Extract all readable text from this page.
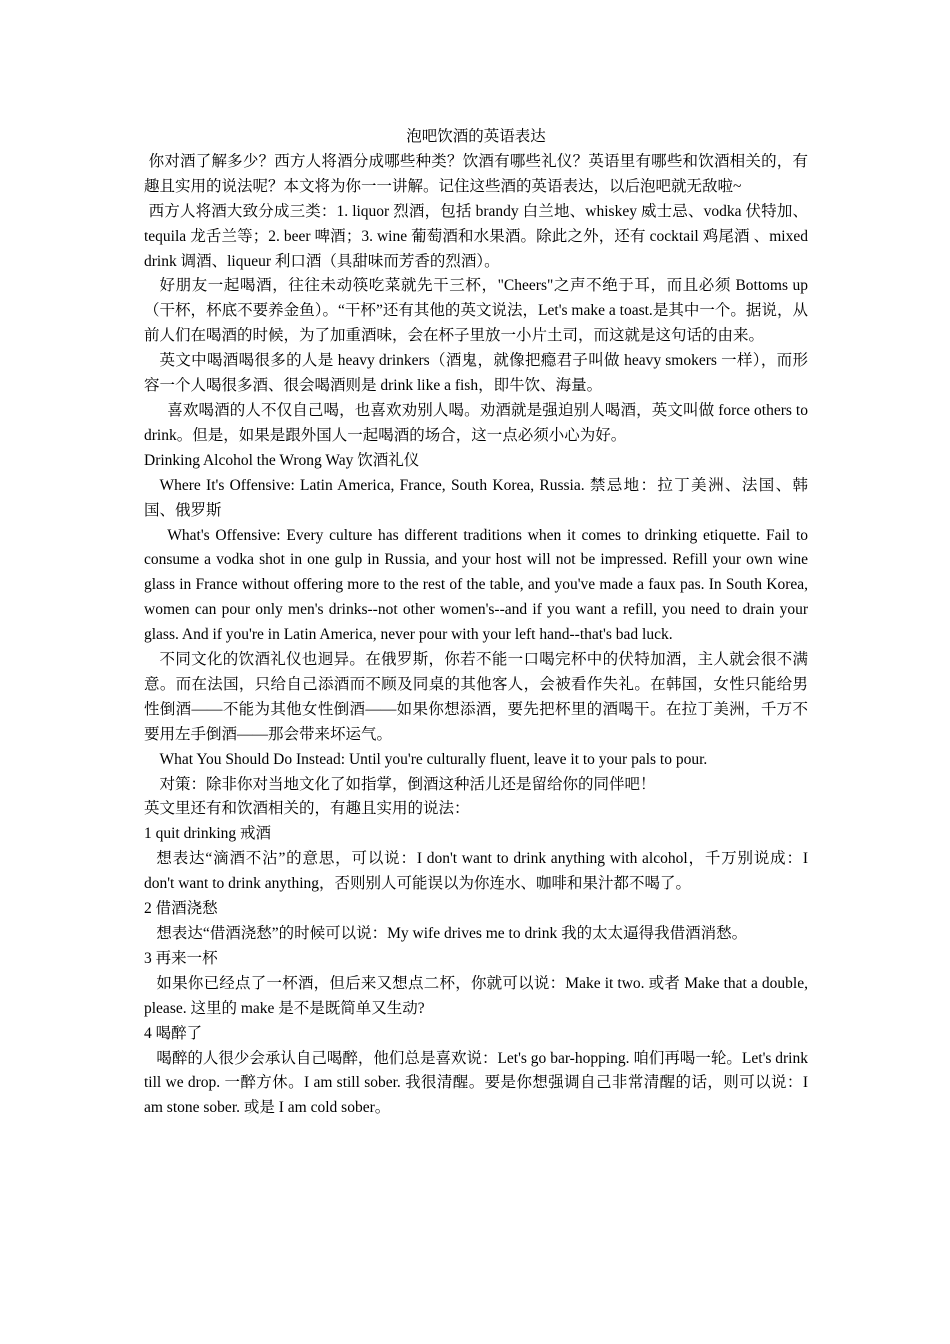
泡吧饮酒的英语表达

你对酒了解多少？西方人将酒分成哪些种类？饮酒有哪些礼仪？英语里有哪些和饮酒相关的，有趣且实用的说法呢？本文将为你一一讲解。记住这些酒的英语表达，以后泡吧就无敌啦~

西方人将酒大致分成三类：1. liquor 烈酒，包括 brandy 白兰地、whiskey 威士忌、vodka 伏特加、tequila 龙舌兰等；2. beer 啤酒；3. wine 葡萄酒和水果酒。除此之外，还有 cocktail 鸡尾酒 、mixed drink 调酒、liqueur 利口酒（具甜味而芳香的烈酒）。

好朋友一起喝酒，往往未动筷吃菜就先干三杯，"Cheers"之声不绝于耳，而且必须 Bottoms up（干杯，杯底不要养金鱼）。“干杯”还有其他的英文说法，Let's make a toast.是其中一个。据说，从前人们在喝酒的时候，为了加重酒味，会在杯子里放一小片土司，而这就是这句话的由来。

英文中喝酒喝很多的人是 heavy drinkers（酒鬼，就像把瘾君子叫做 heavy smokers 一样），而形容一个人喝很多酒、很会喝酒则是 drink like a fish，即牛饮、海量。

喜欢喝酒的人不仅自己喝，也喜欢劝别人喝。劝酒就是强迫别人喝酒，英文叫做 force others to drink。但是，如果是跟外国人一起喝酒的场合，这一点必须小心为好。

Drinking Alcohol the Wrong Way 饮酒礼仪

Where It's Offensive: Latin America, France, South Korea, Russia. 禁忌地：拉丁美洲、法国、韩国、俄罗斯

What's Offensive: Every culture has different traditions when it comes to drinking etiquette. Fail to consume a vodka shot in one gulp in Russia, and your host will not be impressed. Refill your own wine glass in France without offering more to the rest of the table, and you've made a faux pas. In South Korea, women can pour only men's drinks--not other women's--and if you want a refill, you need to drain your glass. And if you're in Latin America, never pour with your left hand--that's bad luck.

不同文化的饮酒礼仪也迥异。在俄罗斯，你若不能一口喝完杯中的伏特加酒，主人就会很不满意。而在法国，只给自己添酒而不顾及同桌的其他客人，会被看作失礼。在韩国，女性只能给男性倒酒——不能为其他女性倒酒——如果你想添酒，要先把杯里的酒喝干。在拉丁美洲，千万不要用左手倒酒——那会带来坏运气。

What You Should Do Instead: Until you're culturally fluent, leave it to your pals to pour.

对策：除非你对当地文化了如指掌，倒酒这种活儿还是留给你的同伴吧！

英文里还有和饮酒相关的，有趣且实用的说法：

1 quit drinking 戒酒

想表达“滴酒不沾”的意思，可以说：I don't want to drink anything with alcohol，千万别说成：I don't want to drink anything，否则别人可能误以为你连水、咖啡和果汁都不喝了。

2 借酒浇愁

想表达“借酒浇愁”的时候可以说：My wife drives me to drink 我的太太逼得我借酒消愁。

3 再来一杯

如果你已经点了一杯酒，但后来又想点二杯，你就可以说：Make it two. 或者 Make that a double, please. 这里的 make 是不是既简单又生动?

4 喝醉了

喝醉的人很少会承认自己喝醉，他们总是喜欢说：Let's go bar-hopping. 咱们再喝一轮。Let's drink till we drop. 一醉方休。I am still sober. 我很清醒。要是你想强调自己非常清醒的话，则可以说：I am stone sober. 或是 I am cold sober。
